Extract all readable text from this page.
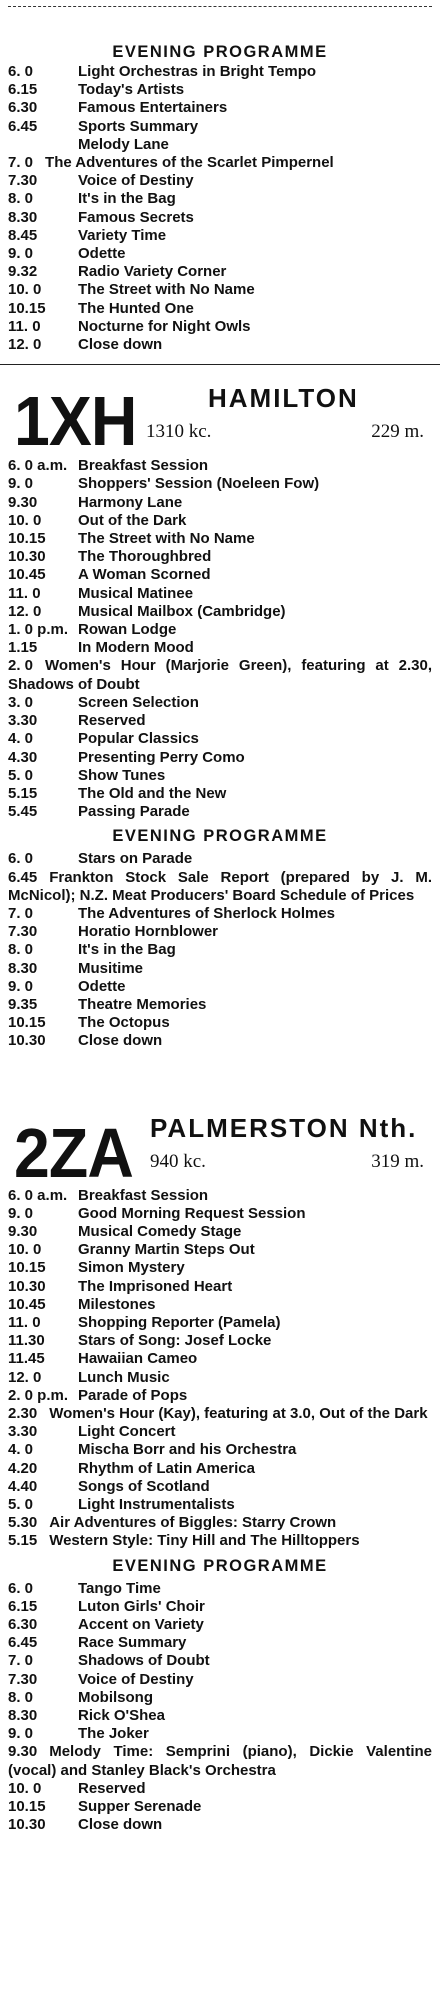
EVENING PROGRAMME
6. 0	Light Orchestras in Bright Tempo
6.15	Today's Artists
6.30	Famous Entertainers
6.45	Sports Summary
Melody Lane
7. 0 The Adventures of the Scarlet Pimpernel
7.30	Voice of Destiny
8. 0	It's in the Bag
8.30	Famous Secrets
8.45	Variety Time
9. 0	Odette
9.32	Radio Variety Corner
10. 0 The Street with No Name
10.15 The Hunted One
11. 0 Nocturne for Night Owls
12. 0 Close down
1XH	HAMILTON
1310 kc.	229 m.
6. 0 a.m. Breakfast Session
9. 0	Shoppers' Session (Noeleen Fow)
9.30	Harmony Lane
10. 0 Out of the Dark
10.15 The Street with No Name
10.30 The Thoroughbred
10.45 A Woman Scorned
11. 0 Musical Matinee
12. 0 Musical Mailbox (Cambridge)
1. 0 p.m. Rowan Lodge
1.15	In Modern Mood
2. 0 Women's Hour (Marjorie Green), featuring at 2.30, Shadows of Doubt
3. 0	Screen Selection
3.30	Reserved
4. 0	Popular Classics
4.30	Presenting Perry Como
5. 0	Show Tunes
5.15	The Old and the New
5.45	Passing Parade
EVENING PROGRAMME
6. 0	Stars on Parade
6.45 Frankton Stock Sale Report (prepared by J. M. McNicol); N.Z. Meat Producers' Board Schedule of Prices
7. 0	The Adventures of Sherlock Holmes
7.30	Horatio Hornblower
8. 0	It's in the Bag
8.30	Musitime
9. 0	Odette
9.35	Theatre Memories
10.15 The Octopus
10.30 Close down
2ZA PALMERSTON Nth.
940 kc.	319 m.
6. 0 a.m. Breakfast Session
9. 0	Good Morning Request Session
9.30	Musical Comedy Stage
10. 0 Granny Martin Steps Out
10.15 Simon Mystery
10.30 The Imprisoned Heart
10.45 Milestones
11. 0 Shopping Reporter (Pamela)
11.30 Stars of Song: Josef Locke
11.45 Hawaiian Cameo
12. 0 Lunch Music
2. 0 p.m. Parade of Pops
2.30 Women's Hour (Kay), featuring at 3.0, Out of the Dark
3.30	Light Concert
4. 0	Mischa Borr and his Orchestra
4.20	Rhythm of Latin America
4.40	Songs of Scotland
5. 0	Light Instrumentalists
5.30 Air Adventures of Biggles: Starry Crown
5.15 Western Style: Tiny Hill and The Hilltoppers
EVENING PROGRAMME
6. 0	Tango Time
6.15	Luton Girls' Choir
6.30	Accent on Variety
6.45	Race Summary
7. 0	Shadows of Doubt
7.30	Voice of Destiny
8. 0	Mobilsong
8.30	Rick O'Shea
9. 0	The Joker
9.30 Melody Time: Semprini (piano), Dickie Valentine (vocal) and Stanley Black's Orchestra
10. 0 Reserved
10.15 Supper Serenade
10.30 Close down
